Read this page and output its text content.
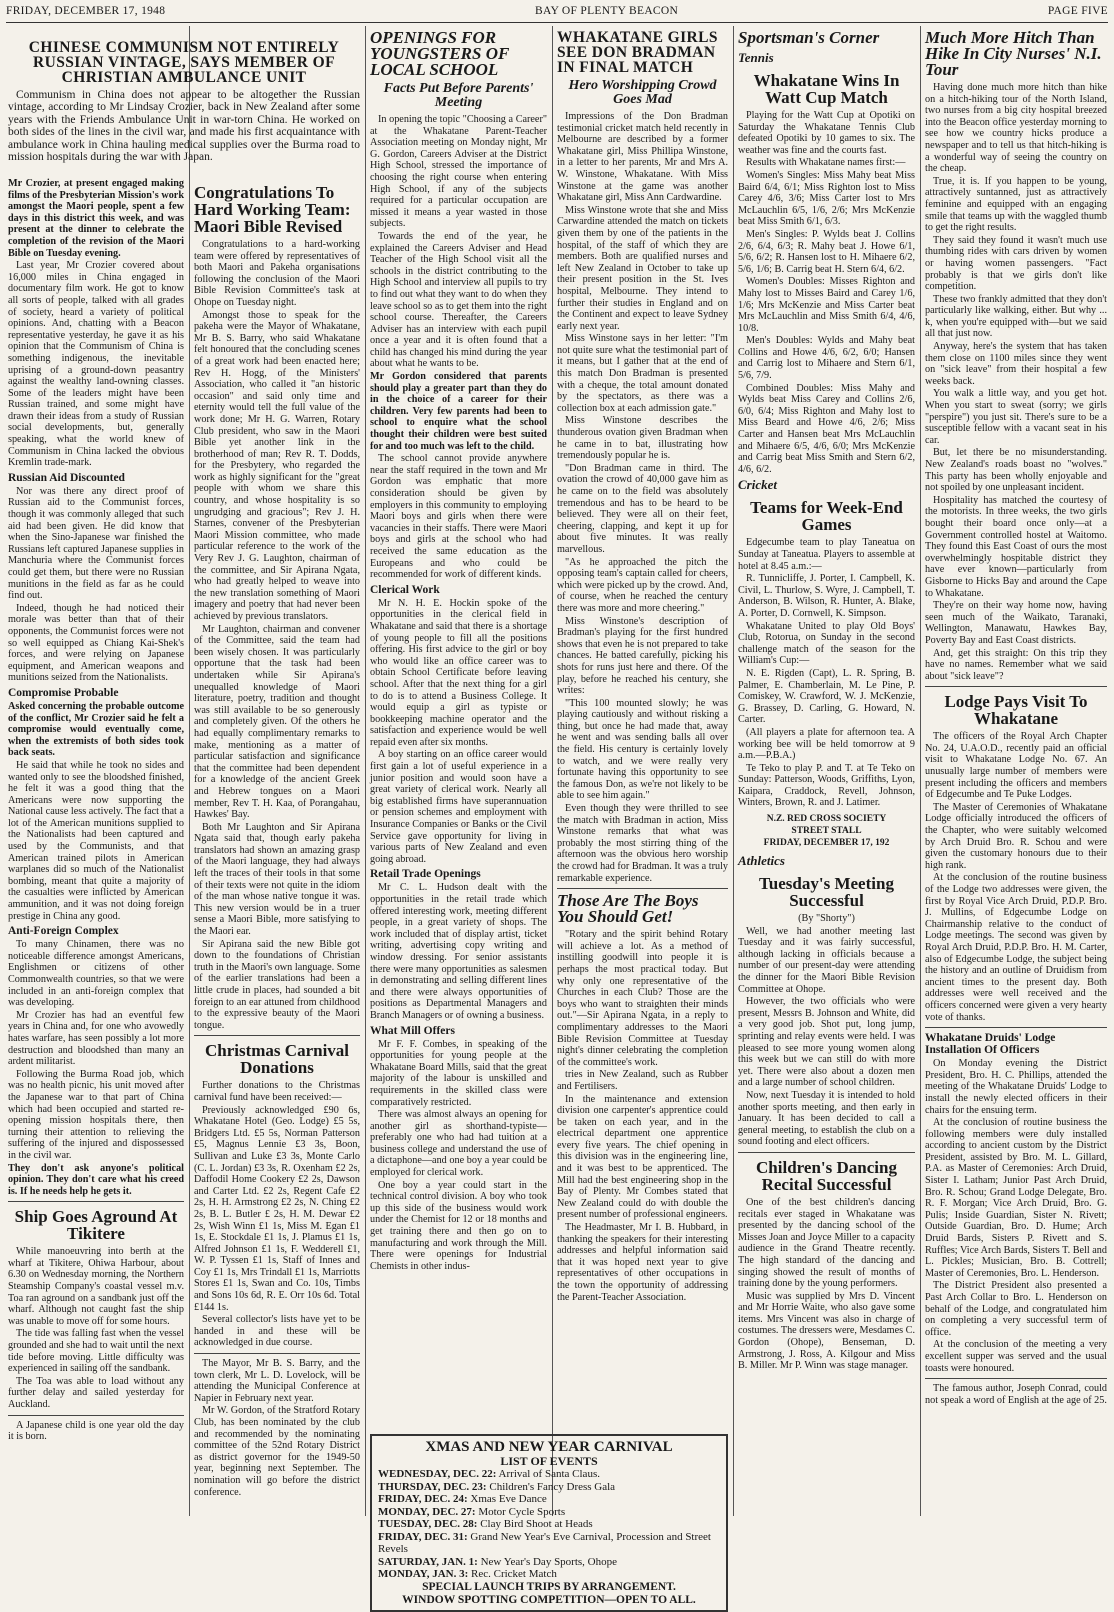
FRIDAY, DECEMBER 17, 1948	BAY OF PLENTY BEACON	PAGE FIVE
CHINESE COMMUNISM NOT ENTIRELY RUSSIAN VINTAGE, SAYS MEMBER OF CHRISTIAN AMBULANCE UNIT

Communism in China does not appear to be altogether the Russian vintage, according to Mr Lindsay Crozier, back in New Zealand after some years with the Friends Ambulance Unit in war-torn China. He worked on both sides of the lines in the civil war, and made his first acquaintance with ambulance work in China hauling medical supplies over the Burma road to mission hospitals during the war with Japan.

Mr Crozier, at present engaged making films of the Presbyterian Mission's work amongst the Maori people, spent a few days in this district this week, and was present at the dinner to celebrate the completion of the revision of the Maori Bible on Tuesday evening.

Last year, Mr Crozier covered about 16,000 miles in China engaged in documentary film work. He got to know all sorts of people, talked with all grades of society, heard a variety of political opinions. And, chatting with a Beacon representative yesterday, he gave it as his opinion that the Communism of China is something indigenous, the inevitable uprising of a ground-down peasantry against the wealthy land-owning classes. Some of the leaders might have been Russian trained, and some might have drawn their ideas from a study of Russian social developments, but, generally speaking, what the world knew of Communism in China lacked the obvious Kremlin trade-mark.

Russian Aid Discounted

Nor was there any direct proof of Russian aid to the Communist forces, though it was commonly alleged that such aid had been given. He did know that when the Sino-Japanese war finished the Russians left captured Japanese supplies in Manchuria where the Communist forces could get them, but there were no Russian munitions in the field as far as he could find out.

Indeed, though he had noticed their morale was better than that of their opponents, the Communist forces were not so well equipped as Chiang Kai-Shek's forces, and were relying on Japanese equipment, and American weapons and munitions seized from the Nationalists.

Compromise Probable

Asked concerning the probable outcome of the conflict, Mr Crozier said he felt a compromise would eventually come, when the extremists of both sides took back seats.

He said that while he took no sides and wanted only to see the bloodshed finished, he felt it was a good thing that the Americans were now supporting the National cause less actively. The fact that a lot of the American munitions supplied to the Nationalists had been captured and used by the Communists, and that American trained pilots in American warplanes did so much of the Nationalist bombing, meant that quite a majority of the casualties were inflicted by American ammunition, and it was not doing foreign prestige in China any good.

Anti-Foreign Complex

To many Chinamen, there was no noticeable difference amongst Americans, Englishmen or citizens of other Commonwealth countries, so that we were included in an anti-foreign complex that was developing.

Mr Crozier has had an eventful few years in China and, for one who avowedly hates warfare, has seen possibly a lot more destruction and bloodshed than many an ardent militarist.

Following the Burma Road job, which was no health picnic, his unit moved after the Japanese war to that part of China which had been occupied and started re-opening mission hospitals there, then turning their attention to relieving the suffering of the injured and dispossessed in the civil war.

They don't ask anyone's political opinion. They don't care what his creed is. If he needs help he gets it.

Ship Goes Aground At Tikitere

While manoeuvring into berth at the wharf at Tikitere, Ohiwa Harbour, about 6.30 on Wednesday morning, the Northern Steamship Company's coastal vessel m.v. Toa ran aground on a sandbank just off the wharf. Although not caught fast the ship was unable to move off for some hours.

The tide was falling fast when the vessel grounded and she had to wait until the next tide before moving. Little difficulty was experienced in sailing off the sandbank.

The Toa was able to load without any further delay and sailed yesterday for Auckland.

A Japanese child is one year old the day it is born.

Congratulations To Hard Working Team: Maori Bible Revised

Congratulations to a hard-working team were offered by representatives of both Maori and Pakeha organisations following the conclusion of the Maori Bible Revision Committee's task at Ohope on Tuesday night.

Amongst those to speak for the pakeha were the Mayor of Whakatane, Mr B. S. Barry, who said Whakatane felt honoured that the concluding scenes of a great work had been enacted here; Rev H. Hogg, of the Ministers' Association, who called it "an historic occasion" and said only time and eternity would tell the full value of the work done; Mr H. G. Warren, Rotary Club president, who saw in the Maori Bible yet another link in the brotherhood of man; Rev R. T. Dodds, for the Presbytery, who regarded the work as highly significant for the "great people with whom we share this country, and whose hospitality is so ungrudging and gracious"; Rev J. H. Starnes, convener of the Presbyterian Maori Mission committee, who made particular reference to the work of the Very Rev J. G. Laughton, chairman of the committee, and Sir Apirana Ngata, who had greatly helped to weave into the new translation something of Maori imagery and poetry that had never been achieved by previous translators.

Mr Laughton, chairman and convener of the Committee, said the team had been wisely chosen. It was particularly opportune that the task had been undertaken while Sir Apirana's unequalled knowledge of Maori literature, poetry, tradition and thought was still available to be so generously and completely given. Of the others he had equally complimentary remarks to make, mentioning as a matter of particular satisfaction and significance that the committee had been dependent for a knowledge of the ancient Greek and Hebrew tongues on a Maori member, Rev T. H. Kaa, of Porangahau, Hawkes' Bay.

Both Mr Laughton and Sir Apirana Ngata said that, though early pakeha translators had shown an amazing grasp of the Maori language, they had always left the traces of their tools in that some of their texts were not quite in the idiom of the man whose native tongue it was. This new version would be in a truer sense a Maori Bible, more satisfying to the Maori ear.

Sir Apirana said the new Bible got down to the foundations of Christian truth in the Maori's own language. Some of the earlier translations had been a little crude in places, had sounded a bit foreign to an ear attuned from childhood to the expressive beauty of the Maori tongue.

Christmas Carnival Donations

Further donations to the Christmas carnival fund have been received:—

Previously acknowledged £90 6s, Whakatane Hotel (Geo. Lodge) £5 5s, Bridgers Ltd. £5 5s, Norman Patterson £5, Magnus Lennie £3 3s, Boon, Sullivan and Luke £3 3s, Monte Carlo (C. L. Jordan) £3 3s, R. Oxenham £2 2s, Daffodil Home Cookery £2 2s, Dawson and Carter Ltd. £2 2s, Regent Cafe £2 2s, H. H. Armstrong £2 2s, N. Ching £2 2s, B. L. Butler £ 2s, H. M. Dewar £2 2s, Wish Winn £1 1s, Miss M. Egan £1 1s, E. Stockdale £1 1s, J. Plamus £1 1s, Alfred Johnson £1 1s, F. Wedderell £1, W. P. Tyssen £1 1s, Staff of Innes and Coy £1 1s, Mrs Trindall £1 1s, Marriotts Stores £1 1s, Swan and Co. 10s, Timbs and Sons 10s 6d, R. E. Orr 10s 6d. Total £144 1s.

Several collector's lists have yet to be handed in and these will be acknowledged in due course.

The Mayor, Mr B. S. Barry, and the town clerk, Mr L. D. Lovelock, will be attending the Municipal Conference at Napier in February next year.

Mr W. Gordon, of the Stratford Rotary Club, has been nominated by the club and recommended by the nominating committee of the 52nd Rotary District as district governor for the 1949-50 year, beginning next September. The nomination will go before the district conference.

OPENINGS FOR YOUNGSTERS OF LOCAL SCHOOL
Facts Put Before Parents' Meeting

In opening the topic "Choosing a Career" at the Whakatane Parent-Teacher Association meeting on Monday night, Mr G. Gordon, Careers Adviser at the District High School, stressed the importance of choosing the right course when entering High School, if any of the subjects required for a particular occupation are missed it means a year wasted in those subjects.

Towards the end of the year, he explained the Careers Adviser and Head Teacher of the High School visit all the schools in the district contributing to the High School and interview all pupils to try to find out what they want to do when they leave school so as to get them into the right school course. Thereafter, the Careers Adviser has an interview with each pupil once a year and it is often found that a child has changed his mind during the year about what he wants to be.

Mr Gordon considered that parents should play a greater part than they do in the choice of a career for their children. Very few parents had been to school to enquire what the school thought their children were best suited for and too much was left to the child.

The school cannot provide anywhere near the staff required in the town and Mr Gordon was emphatic that more consideration should be given by employers in this community to employing Maori boys and girls when there were vacancies in their staffs. There were Maori boys and girls at the school who had received the same education as the Europeans and who could be recommended for work of different kinds.

Clerical Work

Mr N. H. E. Hockin spoke of the opportunities in the clerical field in Whakatane and said that there is a shortage of young people to fill all the positions offering. His first advice to the girl or boy who would like an office career was to obtain School Certificate before leaving school. After that the next thing for a girl to do is to attend a Business College. It would equip a girl as typiste or bookkeeping machine operator and the satisfaction and experience would be well repaid even after six months.

A boy starting on an office career would first gain a lot of useful experience in a junior position and would soon have a great variety of clerical work. Nearly all big established firms have superannuation or pension schemes and employment with Insurance Companies or Banks or the Civil Service gave opportunity for living in various parts of New Zealand and even going abroad.

Retail Trade Openings

Mr C. L. Hudson dealt with the opportunities in the retail trade which offered interesting work, meeting different people, in a great variety of shops. The work included that of display artist, ticket writing, advertising copy writing and window dressing. For senior assistants there were many opportunities as salesmen in demonstrating and selling different lines and there were always opportunities of positions as Departmental Managers and Branch Managers or of owning a business.

What Mill Offers

Mr F. F. Combes, in speaking of the opportunities for young people at the Whakatane Board Mills, said that the great majority of the labour is unskilled and requirements in the skilled class were comparatively restricted.

There was almost always an opening for another girl as shorthand-typiste—preferably one who had had tuition at a business college and understand the use of a dictaphone—and one boy a year could be employed for clerical work.

One boy a year could start in the technical control division. A boy who took up this side of the business would work under the Chemist for 12 or 18 months and get training there and then go on to manufacturing and work through the Mill. There were openings for Industrial Chemists in other indus-

WHAKATANE GIRLS SEE DON BRADMAN IN FINAL MATCH
Hero Worshipping Crowd Goes Mad

Impressions of the Don Bradman testimonial cricket match held recently in Melbourne are described by a former Whakatane girl, Miss Phillipa Winstone, in a letter to her parents, Mr and Mrs A. W. Winstone, Whakatane. With Miss Winstone at the game was another Whakatane girl, Miss Ann Cardwardine.

Miss Winstone wrote that she and Miss Carwardine attended the match on tickets given them by one of the patients in the hospital, of the staff of which they are members. Both are qualified nurses and left New Zealand in October to take up their present position in the St. Ives hospital, Melbourne. They intend to further their studies in England and on the Continent and expect to leave Sydney early next year.

Miss Winstone says in her letter: "I'm not quite sure what the testimonial part of it means, but I gather that at the end of this match Don Bradman is presented with a cheque, the total amount donated by the spectators, as there was a collection box at each admission gate."

Miss Winstone describes the thunderous ovation given Bradman when he came in to bat, illustrating how tremendously popular he is.

"Don Bradman came in third. The ovation the crowd of 40,000 gave him as he came on to the field was absolutely tremendous and has to be heard to be believed. They were all on their feet, cheering, clapping, and kept it up for about five minutes. It was really marvellous.

"As he approached the pitch the opposing team's captain called for cheers, which were picked up by the crowd. And, of course, when he reached the century there was more and more cheering."

Miss Winstone's description of Bradman's playing for the first hundred shows that even he is not prepared to take chances. He batted carefully, picking his shots for runs just here and there. Of the play, before he reached his century, she writes:

"This 100 mounted slowly; he was playing cautiously and without risking a thing, but once he had made that, away he went and was sending balls all over the field. His century is certainly lovely to watch, and we were really very fortunate having this opportunity to see the famous Don, as we're not likely to be able to see him again."

Even though they were thrilled to see the match with Bradman in action, Miss Winstone remarks that what was probably the most stirring thing of the afternoon was the obvious hero worship the crowd had for Bradman. It was a truly remarkable experience.

Those Are The Boys You Should Get!

"Rotary and the spirit behind Rotary will achieve a lot. As a method of instilling goodwill into people it is perhaps the most practical today. But why only one representative of the Churches in each Club? Those are the boys who want to straighten their minds out."—Sir Apirana Ngata, in a reply to complimentary addresses to the Maori Bible Revision Committee at Tuesday night's dinner celebrating the completion of the committee's work.

tries in New Zealand, such as Rubber and Fertilisers.

In the maintenance and extension division one carpenter's apprentice could be taken on each year, and in the electrical department one apprentice every five years. The chief opening in this division was in the engineering line, and it was best to be apprenticed. The Mill had the best engineering shop in the Bay of Plenty. Mr Combes stated that New Zealand could do with double the present number of professional engineers.

The Headmaster, Mr I. B. Hubbard, in thanking the speakers for their interesting addresses and helpful information said that it was hoped next year to give representatives of other occupations in the town the opportunity of addressing the Parent-Teacher Association.

XMAS AND NEW YEAR CARNIVAL
LIST OF EVENTS
WEDNESDAY, DEC. 22: Arrival of Santa Claus.
THURSDAY, DEC. 23: Children's Fancy Dress Gala
FRIDAY, DEC. 24: Xmas Eve Dance
MONDAY, DEC. 27: Motor Cycle Sports
TUESDAY, DEC. 28: Clay Bird Shoot at Heads
FRIDAY, DEC. 31: Grand New Year's Eve Carnival, Procession and Street Revels
SATURDAY, JAN. 1: New Year's Day Sports, Ohope
MONDAY, JAN. 3: Rec. Cricket Match
SPECIAL LAUNCH TRIPS BY ARRANGEMENT.
WINDOW SPOTTING COMPETITION—OPEN TO ALL.
Sportsman's Corner
Tennis
Whakatane Wins In Watt Cup Match

Playing for the Watt Cup at Opotiki on Saturday the Whakatane Tennis Club defeated Opotiki by 10 games to six. The weather was fine and the courts fast.

Results with Whakatane names first:—

Women's Singles: Miss Mahy beat Miss Baird 6/4, 6/1; Miss Righton lost to Miss Carey 4/6, 3/6; Miss Carter lost to Mrs McLauchlin 6/5, 1/6, 2/6; Mrs McKenzie beat Miss Smith 6/1, 6/3.

Men's Singles: P. Wylds beat J. Collins 2/6, 6/4, 6/3; R. Mahy beat J. Howe 6/1, 5/6, 6/2; R. Hansen lost to H. Mihaere 6/2, 5/6, 1/6; B. Carrig beat H. Stern 6/4, 6/2.

Women's Doubles: Misses Righton and Mahy lost to Misses Baird and Carey 1/6, 1/6; Mrs McKenzie and Miss Carter beat Mrs McLauchlin and Miss Smith 6/4, 4/6, 10/8.

Men's Doubles: Wylds and Mahy beat Collins and Howe 4/6, 6/2, 6/0; Hansen and Carrig lost to Mihaere and Stern 6/1, 5/6, 7/9.

Combined Doubles: Miss Mahy and Wylds beat Miss Carey and Collins 2/6, 6/0, 6/4; Miss Righton and Mahy lost to Miss Beard and Howe 4/6, 2/6; Miss Carter and Hansen beat Mrs McLauchlin and Mihaere 6/5, 4/6, 6/0; Mrs McKenzie and Carrig beat Miss Smith and Stern 6/2, 4/6, 6/2.

Cricket
Teams for Week-End Games

Edgecumbe team to play Taneatua on Sunday at Taneatua. Players to assemble at hotel at 8.45 a.m.:—

R. Tunnicliffe, J. Porter, I. Campbell, K. Civil, L. Thurlow, S. Wyre, J. Campbell, T. Anderson, B. Wilson, R. Hunter, A. Blake, A. Porter, D. Cornwell, K. Simpson.

Whakatane United to play Old Boys' Club, Rotorua, on Sunday in the second challenge match of the season for the William's Cup:—

N. E. Rigden (Capt), L. R. Spring, B. Palmer, E. Chamberlain, M. Le Pine, P. Comiskey, W. Crawford, W. J. McKenzie, G. Brassey, D. Carling, G. Howard, N. Carter.

(All players a plate for afternoon tea. A working bee will be held tomorrow at 9 a.m.—P.B.A.)

Te Teko to play P. and T. at Te Teko on Sunday: Patterson, Woods, Griffiths, Lyon, Kaipara, Craddock, Revell, Johnson, Winters, Brown, R. and J. Latimer.

N.Z. RED CROSS SOCIETY
STREET STALL
FRIDAY, DECEMBER 17, 192
Athletics
Tuesday's Meeting Successful

(By "Shorty")

Well, we had another meeting last Tuesday and it was fairly successful, although lacking in officials because a number of our present-day were attending the dinner for the Maori Bible Revision Committee at Ohope.

However, the two officials who were present, Messrs B. Johnson and White, did a very good job. Shot put, long jump, sprinting and relay events were held. I was pleased to see more young women along this week but we can still do with more yet. There were also about a dozen men and a large number of school children.

Now, next Tuesday it is intended to hold another sports meeting, and then early in January. It has been decided to call a general meeting, to establish the club on a sound footing and elect officers.

Children's Dancing Recital Successful

One of the best children's dancing recitals ever staged in Whakatane was presented by the dancing school of the Misses Joan and Joyce Miller to a capacity audience in the Grand Theatre recently. The high standard of the dancing and singing showed the result of months of training done by the young performers.

Music was supplied by Mrs D. Vincent and Mr Horrie Waite, who also gave some items. Mrs Vincent was also in charge of costumes. The dressers were, Mesdames C. Gordon (Ohope), Benseman, D. Armstrong, J. Ross, A. Kilgour and Miss B. Miller. Mr P. Winn was stage manager.

Much More Hitch Than Hike In City Nurses' N.I. Tour

Having done much more hitch than hike on a hitch-hiking tour of the North Island, two nurses from a big city hospital breezed into the Beacon office yesterday morning to see how we country hicks produce a newspaper and to tell us that hitch-hiking is a wonderful way of seeing the country on the cheap.

True, it is. If you happen to be young, attractively suntanned, just as attractively feminine and equipped with an engaging smile that teams up with the waggled thumb to get the right results.

They said they found it wasn't much use thumbing rides with cars driven by women or having women passengers. "Fact probably is that we girls don't like competition.

These two frankly admitted that they don't particularly like walking, either. But why ... k, when you're equipped with—but we said all that just now.

Anyway, here's the system that has taken them close on 1100 miles since they went on "sick leave" from their hospital a few weeks back.

You walk a little way, and you get hot. When you start to sweat (sorry; we girls "perspire") you just sit. There's sure to be a susceptible fellow with a vacant seat in his car.

But, let there be no misunderstanding. New Zealand's roads boast no "wolves." This party has been wholly enjoyable and not spoiled by one unpleasant incident.

Hospitality has matched the courtesy of the motorists. In three weeks, the two girls bought their board once only—at a Government controlled hostel at Waitomo. They found this East Coast of ours the most overwhelmingly hospitable district they have ever known—particularly from Gisborne to Hicks Bay and around the Cape to Whakatane.

They're on their way home now, having seen much of the Waikato, Taranaki, Wellington, Manawatu, Hawkes Bay, Poverty Bay and East Coast districts.

And, get this straight: On this trip they have no names. Remember what we said about "sick leave"?

Lodge Pays Visit To Whakatane

The officers of the Royal Arch Chapter No. 24, U.A.O.D., recently paid an official visit to Whakatane Lodge No. 67. An unusually large number of members were present including the officers and members of Edgecumbe and Te Puke Lodges.

The Master of Ceremonies of Whakatane Lodge officially introduced the officers of the Chapter, who were suitably welcomed by Arch Druid Bro. R. Schou and were given the customary honours due to their high rank.

At the conclusion of the routine business of the Lodge two addresses were given, the first by Royal Vice Arch Druid, P.D.P. Bro. J. Mullins, of Edgecumbe Lodge on Chairmanship relative to the conduct of Lodge meetings. The second was given by Royal Arch Druid, P.D.P. Bro. H. M. Carter, also of Edgecumbe Lodge, the subject being the history and an outline of Druidism from ancient times to the present day. Both addresses were well received and the officers concerned were given a very hearty vote of thanks.

Whakatane Druids' Lodge Installation Of Officers

On Monday evening the District President, Bro. H. C. Phillips, attended the meeting of the Whakatane Druids' Lodge to install the newly elected officers in their chairs for the ensuing term.

At the conclusion of routine business the following members were duly installed according to ancient custom by the District President, assisted by Bro. M. L. Gillard, P.A. as Master of Ceremonies: Arch Druid, Sister I. Latham; Junior Past Arch Druid, Bro. R. Schou; Grand Lodge Delegate, Bro. R. F. Morgan; Vice Arch Druid, Bro. G. Pulis; Inside Guardian, Sister N. Rivett; Outside Guardian, Bro. D. Hume; Arch Druid Bards, Sisters P. Rivett and S. Ruffles; Vice Arch Bards, Sisters T. Bell and L. Pickles; Musician, Bro. B. Cottrell; Master of Ceremonies, Bro. L. Henderson.

The District President also presented a Past Arch Collar to Bro. L. Henderson on behalf of the Lodge, and congratulated him on completing a very successful term of office.

At the conclusion of the meeting a very excellent supper was served and the usual toasts were honoured.

The famous author, Joseph Conrad, could not speak a word of English at the age of 25.
